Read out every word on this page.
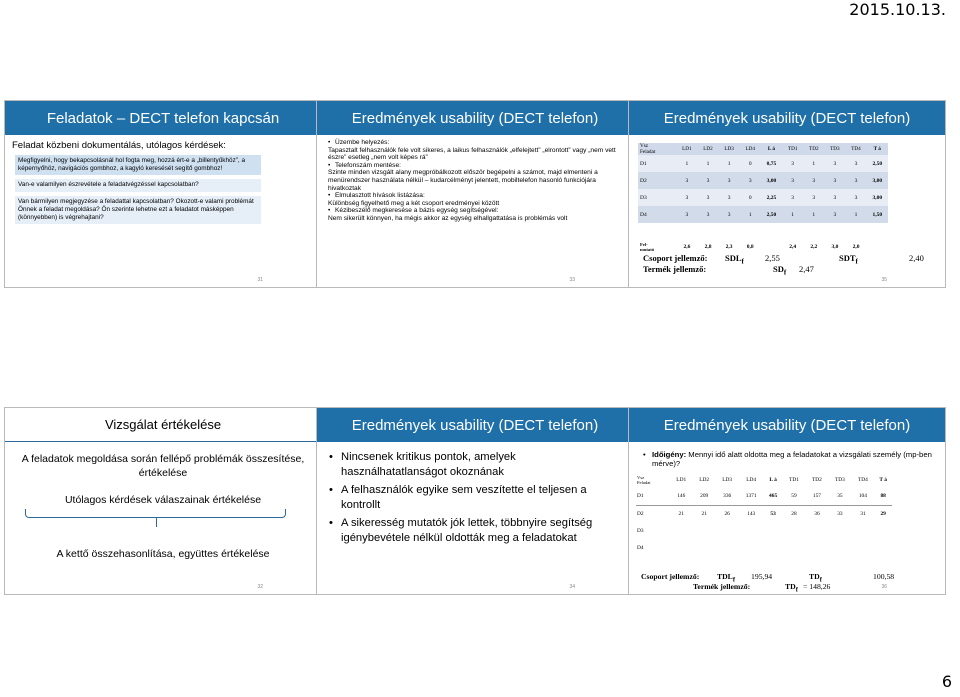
2015.10.13.
Feladatok – DECT telefon kapcsán
Feladat közbeni dokumentálás, utólagos kérdések:
Megfigyelni, hogy bekapcsolásnál hol fogta meg, hozzá ért-e a „billentyűkhöz”, a képernyőhöz, navigációs gombhoz, a kagyló keresését segítő gombhoz!
Van-e valamilyen észrevétele a feladatvégzéssel kapcsolatban?
Van bármilyen megjegyzése a feladattal kapcsolatban? Okozott-e valami problémát Önnek a feladat megoldása? Ön szerinte lehetne ezt a feladatot másképpen (könnyebben) is végrehajtani?
31
Eredmények usability (DECT telefon)
• Üzembe helyezés:
Tapasztalt felhasználók fele volt sikeres, a laikus felhasználók „elfelejtett” „elrontott” vagy „nem vett észre” esetleg „nem volt képes rá”
• Telefonszám mentése:
Szinte minden vizsgált alany megpróbálkozott először begépelni a számot, majd elmenteni a menürendszer használata nélkül – kudarcélményt jelentett, mobiltelefon hasonló funkciójára hivatkoztak
• Elmulasztott hívások listázása:
Különbség figyelhető meg a két csoport eredményei között
• Kézibeszélő megkeresése a bázis egység segítségével:
Nem sikerült könnyen, ha mégis akkor az egység elhallgattatása is problémás volt
33
Eredmények usability (DECT telefon)
Vsz
Feladat	LD1	LD2	LD3	LD4	L á	TD1	TD2	TD3	TD4	T á
D1	1	1	1	0	0,75	3	1	3	3	2,50
D2	3	3	3	3	3,00	3	3	3	3	3,00
D3	3	3	3	0	2,25	3	3	3	3	3,00
D4	3	3	3	1	2,50	1	1	3	1	1,50

Fel-
mutató	2,6	2,8	2,3	0,8		2,4	2,2	3,0	2,0	
Csoport jellemző: $SDL_f$ 2,55	$SDT_f$	2,40
Termék jellemző:	$SD_f$ 2,47
35
Vizsgálat értékelése
A feladatok megoldása során fellépő problémák összesítése, értékelése
Utólagos kérdések válaszainak értékelése
A kettő összehasonlítása, együttes értékelése
32
Eredmények usability (DECT telefon)
• Nincsenek kritikus pontok, amelyek használhatatlanságot okoznának
• A felhasználók egyike sem veszítette el teljesen a kontrollt
• A sikeresség mutatók jók lettek, többnyire segítség igénybevétele nélkül oldották meg a feladatokat
34
Eredmények usability (DECT telefon)
• Időigény: Mennyi idő alatt oldotta meg a feladatokat a vizsgálati személy (mp-ben mérve)?
Vsz
Feladat	LD1	LD2	LD3	LD4	L á	TD1	TD2	TD3	TD4	T á
D1	146	209	336	1371	465	59	157	35	104	88
D2	21	21	26	143	53	28	36	33	31	29
D3										
D4										
Csoport jellemző: $TDL_f$ 195,94	$TD_f$	100,58
Termék jellemző:	$TD_f = 148,26$	36
6
